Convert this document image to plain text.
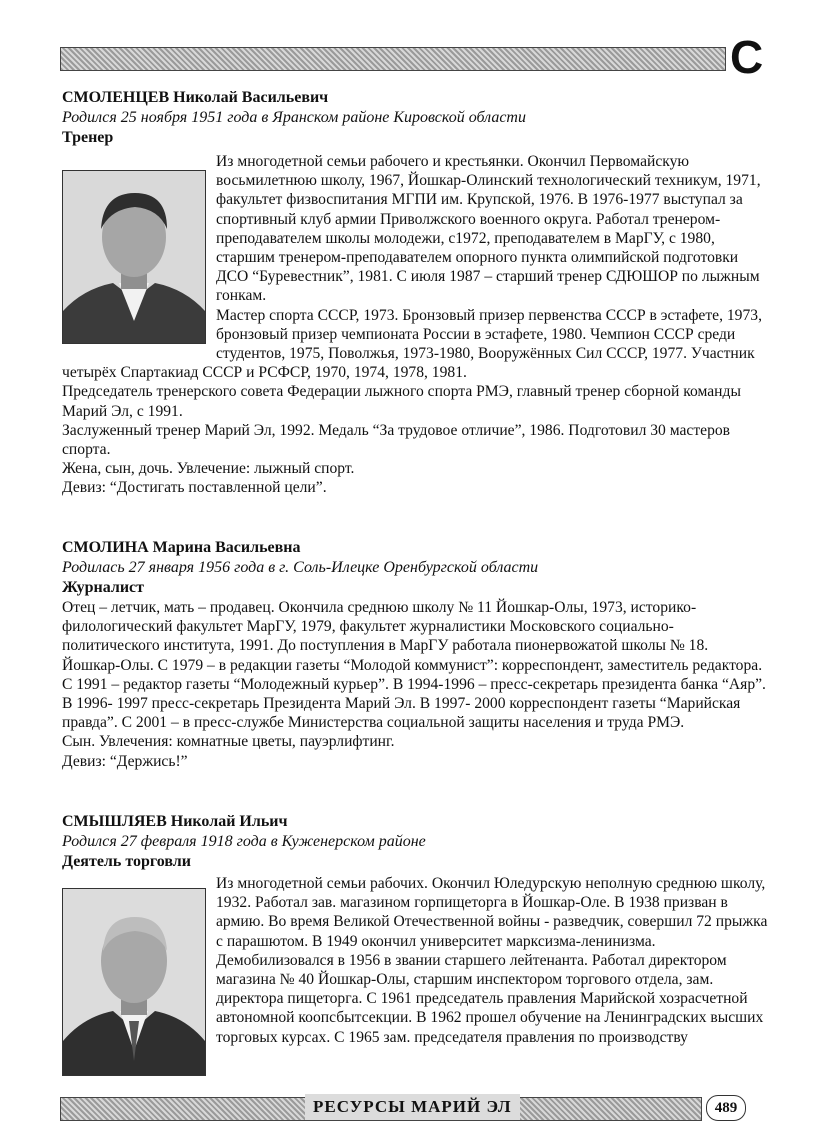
С

СМОЛЕНЦЕВ Николай Васильевич

Родился 25 ноября 1951 года в Яранском районе Кировской области

Тренер

Из многодетной семьи рабочего и крестьянки. Окончил Первомайскую восьмилетнюю школу, 1967, Йошкар-Олинский технологический техникум, 1971, факультет физвоспитания МГПИ им. Крупской, 1976. В 1976-1977 выступал за спортивный клуб армии Приволжского военного округа. Работал тренером-преподавателем школы молодежи, с1972, преподавателем в МарГУ, с 1980, старшим тренером-преподавателем опорного пункта олимпийской подготовки ДСО “Буревестник”, 1981. С июля 1987 – старший тренер СДЮШОР по лыжным гонкам.

Мастер спорта СССР, 1973. Бронзовый призер первенства СССР в эстафете, 1973, бронзовый призер чемпионата России в эстафете, 1980. Чемпион СССР среди студентов, 1975, Поволжья, 1973-1980, Вооружённых Сил СССР, 1977. Участник четырёх Спартакиад СССР и РСФСР, 1970, 1974, 1978, 1981.

Председатель тренерского совета Федерации лыжного спорта РМЭ, главный тренер сборной команды Марий Эл, с 1991.

Заслуженный тренер Марий Эл, 1992. Медаль “За трудовое отличие”, 1986. Подготовил 30 мастеров спорта.

Жена, сын, дочь. Увлечение: лыжный спорт.

Девиз: “Достигать поставленной цели”.

СМОЛИНА Марина Васильевна

Родилась 27 января 1956 года в г. Соль-Илецке Оренбургской области

Журналист

Отец – летчик, мать – продавец. Окончила среднюю школу № 11 Йошкар-Олы, 1973, историко-филологический факультет МарГУ, 1979, факультет журналистики Московского социально-политического института, 1991. До поступления в МарГУ работала пионервожатой школы № 18. Йошкар-Олы. С 1979 – в редакции газеты “Молодой коммунист”: корреспондент, заместитель редактора. С 1991 – редактор газеты “Молодежный курьер”. В 1994-1996 – пресс-секретарь президента банка “Аяр”. В 1996- 1997 пресс-секретарь Президента Марий Эл. В 1997- 2000 корреспондент газеты “Марийская правда”. С 2001 – в пресс-службе Министерства социальной защиты населения и труда РМЭ.

Сын. Увлечения: комнатные цветы, пауэрлифтинг.

Девиз: “Держись!”

СМЫШЛЯЕВ Николай Ильич

Родился 27 февраля 1918 года в Куженерском районе

Деятель торговли

Из многодетной семьи рабочих. Окончил Юледурскую неполную среднюю школу, 1932. Работал зав. магазином горпищеторга в Йошкар-Оле. В 1938 призван в армию. Во время Великой Отечественной войны - разведчик, совершил 72 прыжка с парашютом. В 1949 окончил университет марксизма-ленинизма. Демобилизовался в 1956 в звании старшего лейтенанта. Работал директором магазина № 40 Йошкар-Олы, старшим инспектором торгового отдела, зам. директора пищеторга. С 1961 председатель правления Марийской хозрасчетной автономной коопсбытсекции. В 1962 прошел обучение на Ленинградских высших торговых курсах. С 1965 зам. председателя правления по производству

РЕСУРСЫ МАРИЙ ЭЛ	489
